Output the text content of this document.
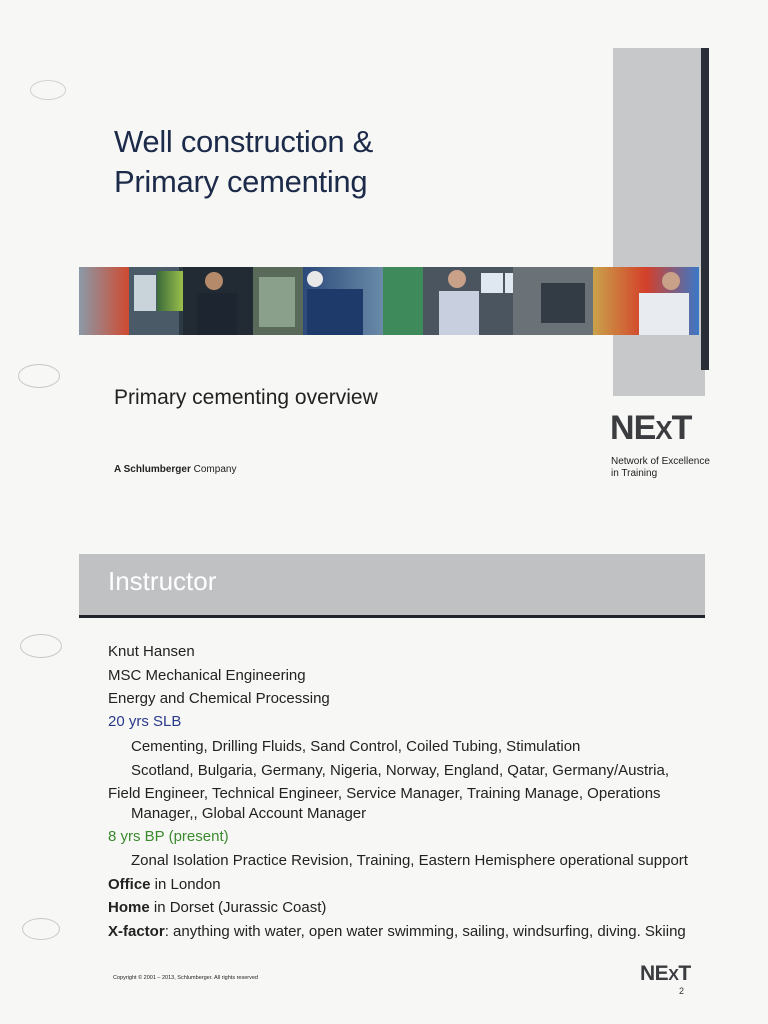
Well construction &
Primary cementing
Primary cementing overview
A Schlumberger Company
NEXT
Network of Excellence
in Training
Instructor
Knut Hansen
MSC Mechanical Engineering
Energy and Chemical Processing
20 yrs SLB
Cementing, Drilling Fluids, Sand Control, Coiled Tubing, Stimulation
Scotland, Bulgaria, Germany, Nigeria, Norway, England, Qatar, Germany/Austria,
Field Engineer, Technical Engineer, Service Manager, Training Manage, Operations
Manager,, Global Account Manager
8 yrs BP (present)
Zonal Isolation Practice Revision, Training, Eastern Hemisphere operational support
Office in London
Home in Dorset (Jurassic Coast)
X-factor: anything with water, open water swimming, sailing, windsurfing, diving. Skiing
Copyright © 2001 – 2013, Schlumberger. All rights reserved	NEXT
2
